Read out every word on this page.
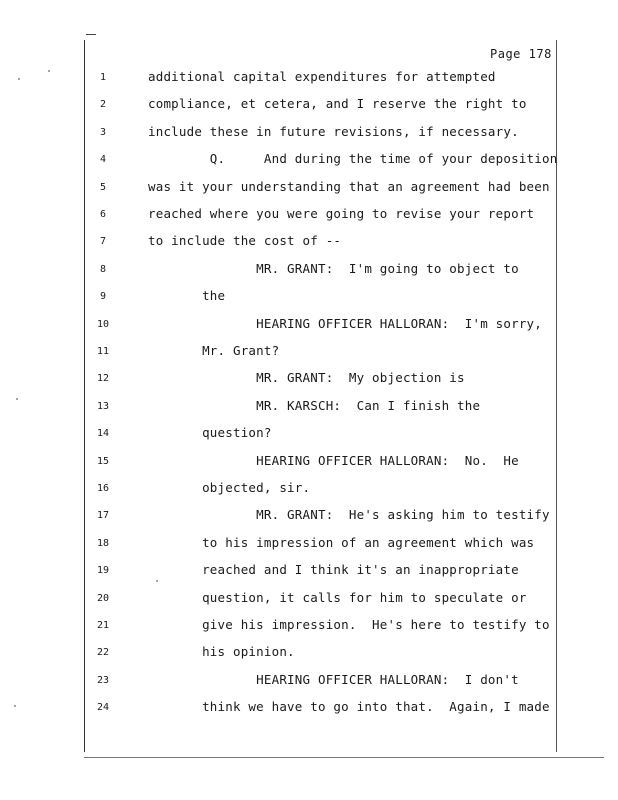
Page 178
1	additional capital expenditures for attempted
2	compliance, et cetera, and I reserve the right to
3	include these in future revisions, if necessary.
4	Q.     And during the time of your deposition
5	was it your understanding that an agreement had been
6	reached where you were going to revise your report
7	to include the cost of --
8	MR. GRANT:  I'm going to object to
9	the
10	HEARING OFFICER HALLORAN:  I'm sorry,
11	Mr. Grant?
12	MR. GRANT:  My objection is
13	MR. KARSCH:  Can I finish the
14	question?
15	HEARING OFFICER HALLORAN:  No.  He
16	objected, sir.
17	MR. GRANT:  He's asking him to testify
18	to his impression of an agreement which was
19	reached and I think it's an inappropriate
20	question, it calls for him to speculate or
21	give his impression.  He's here to testify to
22	his opinion.
23	HEARING OFFICER HALLORAN:  I don't
24	think we have to go into that.  Again, I made
